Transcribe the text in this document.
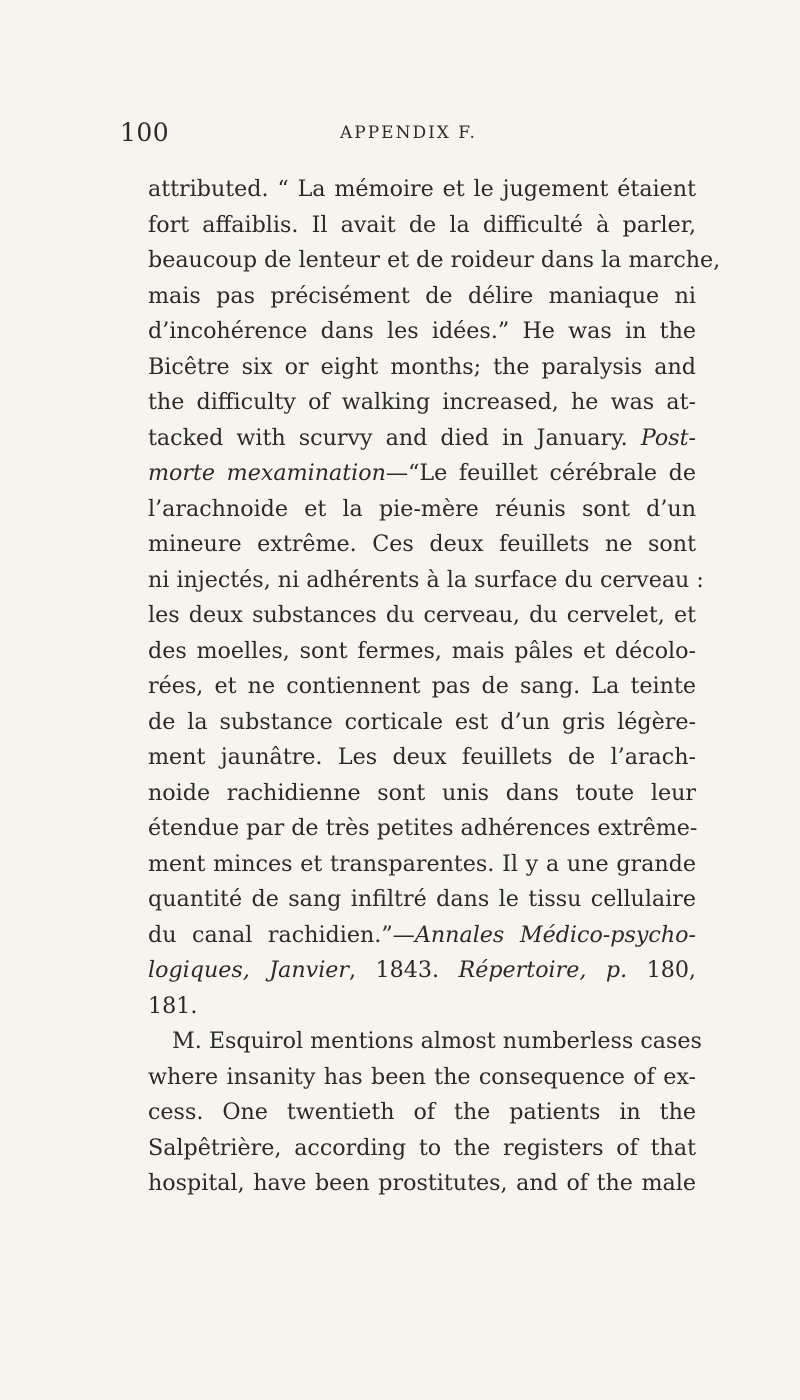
100	APPENDIX F.
attributed. “ La mémoire et le jugement étaient
fort affaiblis. Il avait de la difficulté à parler,
beaucoup de lenteur et de roideur dans la marche,
mais pas précisément de délire maniaque ni
d’incohérence dans les idées.” He was in the
Bicêtre six or eight months; the paralysis and
the difficulty of walking increased, he was at-
tacked with scurvy and died in January. Post-
morte mexamination—“Le feuillet cérébrale de
l’arachnoide et la pie-mère réunis sont d’un
mineure extrême. Ces deux feuillets ne sont
ni injectés, ni adhérents à la surface du cerveau :
les deux substances du cerveau, du cervelet, et
des moelles, sont fermes, mais pâles et décolo-
rées, et ne contiennent pas de sang. La teinte
de la substance corticale est d’un gris légère-
ment jaunâtre. Les deux feuillets de l’arach-
noide rachidienne sont unis dans toute leur
étendue par de très petites adhérences extrême-
ment minces et transparentes. Il y a une grande
quantité de sang infiltré dans le tissu cellulaire
du canal rachidien.”—Annales Médico-psycho-
logiques, Janvier, 1843. Répertoire, p. 180,
181.
M. Esquirol mentions almost numberless cases
where insanity has been the consequence of ex-
cess. One twentieth of the patients in the
Salpêtrière, according to the registers of that
hospital, have been prostitutes, and of the male
